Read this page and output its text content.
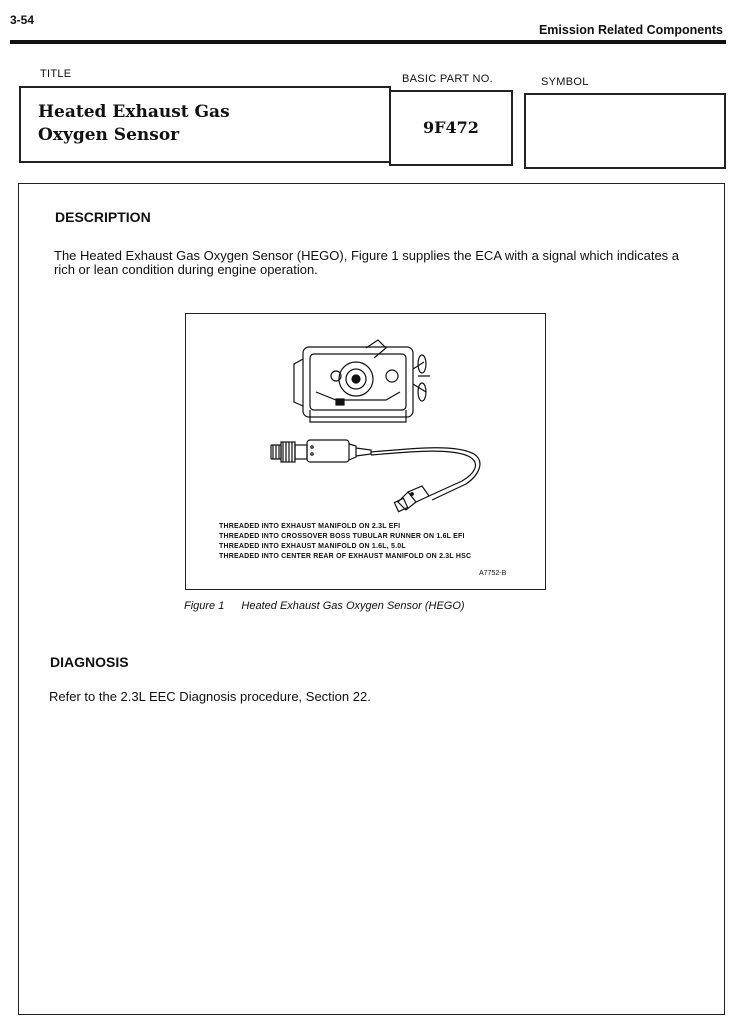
3-54
Emission Related Components
TITLE	BASIC PART NO.	SYMBOL
Heated Exhaust Gas
Oxygen Sensor	9F472
DESCRIPTION
The Heated Exhaust Gas Oxygen Sensor (HEGO), Figure 1 supplies the ECA with a signal which indicates a rich or lean condition during engine operation.
THREADED INTO EXHAUST MANIFOLD ON 2.3L EFI
THREADED INTO CROSSOVER BOSS TUBULAR RUNNER ON 1.6L EFI
THREADED INTO EXHAUST MANIFOLD ON 1.6L, 5.0L
THREADED INTO CENTER REAR OF EXHAUST MANIFOLD ON 2.3L HSC
A7752-B
Figure 1 Heated Exhaust Gas Oxygen Sensor (HEGO)
DIAGNOSIS
Refer to the 2.3L EEC Diagnosis procedure, Section 22.
